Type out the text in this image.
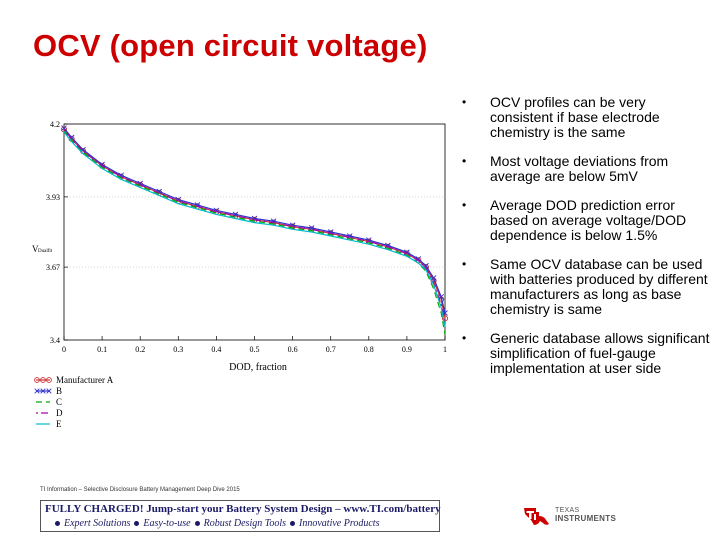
OCV (open circuit voltage)
0	0.1	0.2	0.3	0.4	0.5	0.6	0.7	0.8	0.9	1
3.4
3.67
3.93
4.2
Manufacturer A
B
C
D
E
DOD, fraction
V Dualfit
• OCV profiles can be very consistent if base electrode chemistry is the same
• Most voltage deviations from average are below 5mV
• Average DOD prediction error based on average voltage/DOD dependence is below 1.5%
• Same OCV database can be used with batteries produced by different manufacturers as long as base chemistry is same
• Generic database allows significant simplification of fuel-gauge implementation at user side
TI Information – Selective Disclosure Battery Management Deep Dive 2015
FULLY CHARGED! Jump-start your Battery System Design – www.TI.com/battery
Expert Solutions Easy-to-use Robust Design Tools Innovative Products
TEXAS
INSTRUMENTS
